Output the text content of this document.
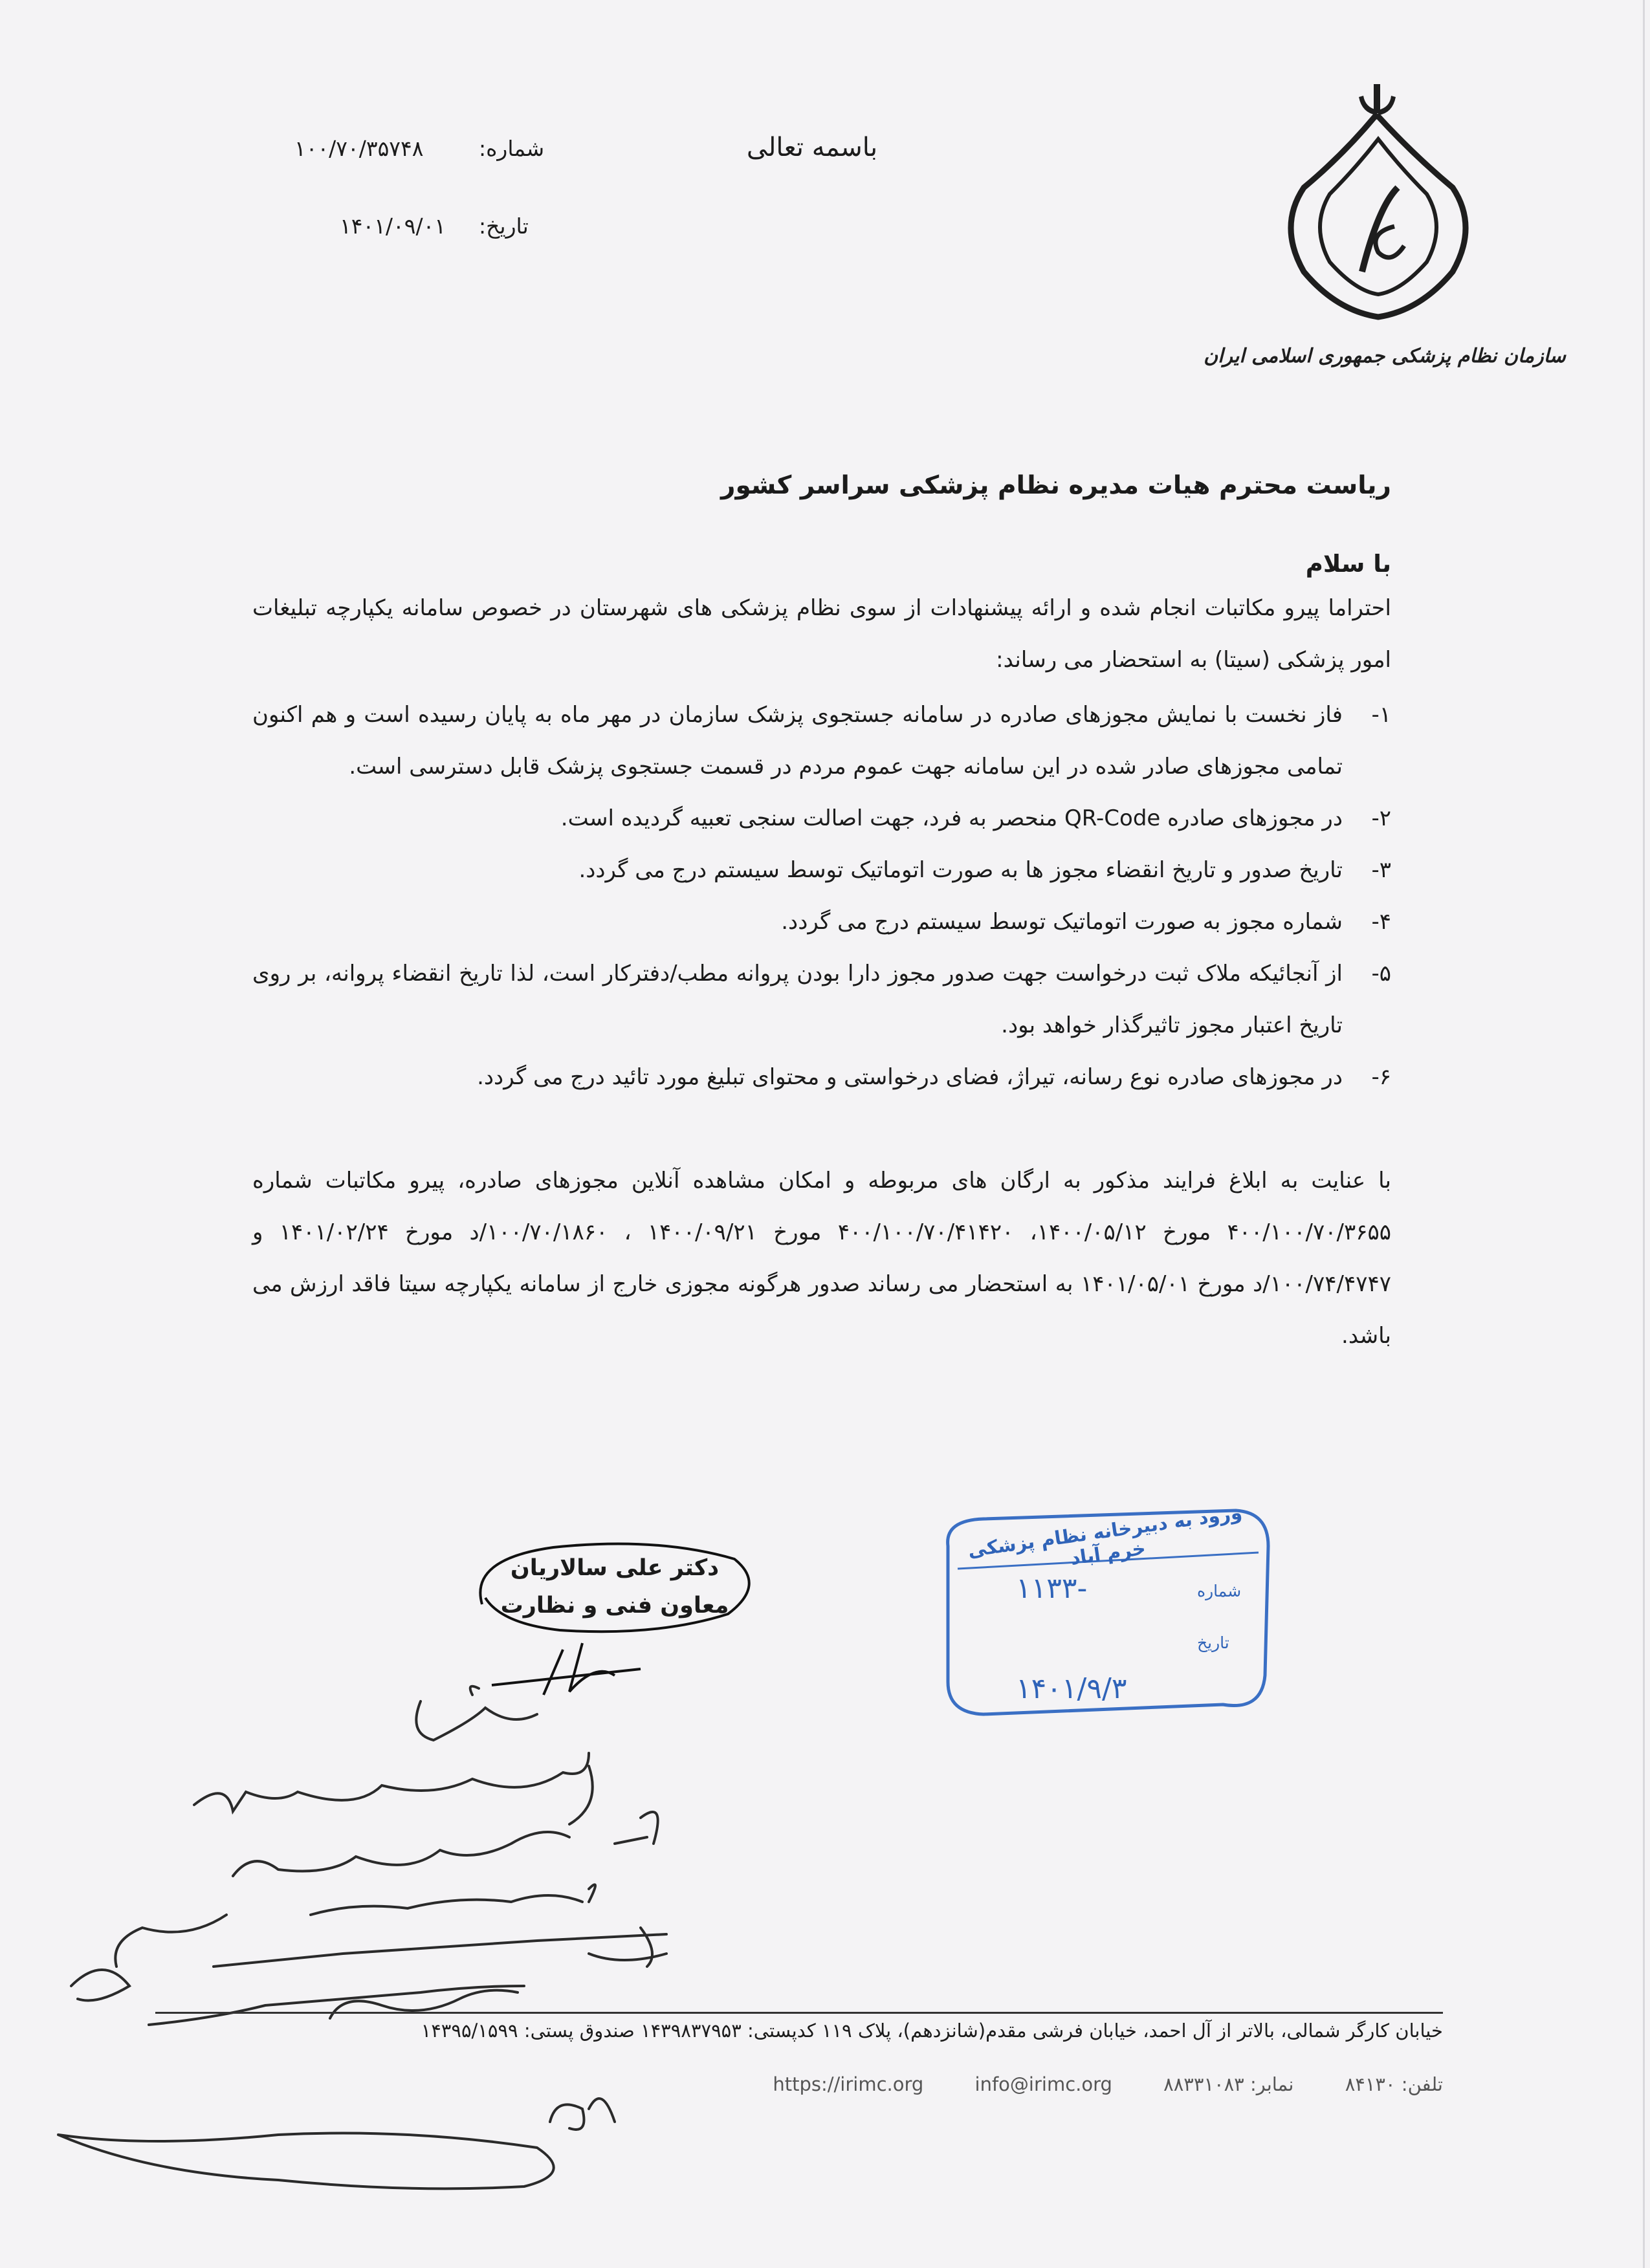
سازمان نظام پزشکی جمهوری اسلامی ایران
باسمه تعالی
شماره:
۱۰۰/۷۰/۳۵۷۴۸
تاریخ:
۱۴۰۱/۰۹/۰۱
ریاست محترم هیات مدیره نظام پزشکی سراسر کشور
با سلام
احتراما پیرو مکاتبات انجام شده و ارائه پیشنهادات از سوی نظام پزشکی های شهرستان در خصوص سامانه یکپارچه تبلیغات امور پزشکی (سیتا) به استحضار می رساند:
۱-
فاز نخست با نمایش مجوزهای صادره در سامانه جستجوی پزشک سازمان در مهر ماه به پایان رسیده است و هم اکنون تمامی مجوزهای صادر شده در این سامانه جهت عموم مردم در قسمت جستجوی پزشک قابل دسترسی است.
۲-
در مجوزهای صادره QR-Code منحصر به فرد، جهت اصالت سنجی تعبیه گردیده است.
۳-
تاریخ صدور و تاریخ انقضاء مجوز ها به صورت اتوماتیک توسط سیستم درج می گردد.
۴-
شماره مجوز به صورت اتوماتیک توسط سیستم درج می گردد.
۵-
از آنجائیکه ملاک ثبت درخواست جهت صدور مجوز دارا بودن پروانه مطب/دفترکار است، لذا تاریخ انقضاء پروانه، بر روی تاریخ اعتبار مجوز تاثیرگذار خواهد بود.
۶-
در مجوزهای صادره نوع رسانه، تیراژ، فضای درخواستی و محتوای تبلیغ مورد تائید درج می گردد.
با عنایت به ابلاغ فرایند مذکور به ارگان های مربوطه و امکان مشاهده آنلاین مجوزهای صادره، پیرو مکاتبات شماره ۴۰۰/۱۰۰/۷۰/۳۶۵۵ مورخ ۱۴۰۰/۰۵/۱۲، ۴۰۰/۱۰۰/۷۰/۴۱۴۲۰ مورخ ۱۴۰۰/۰۹/۲۱ ، ۱۰۰/۷۰/۱۸۶۰/د مورخ ۱۴۰۱/۰۲/۲۴ و ۱۰۰/۷۴/۴۷۴۷/د مورخ ۱۴۰۱/۰۵/۰۱ به استحضار می رساند صدور هرگونه مجوزی خارج از سامانه یکپارچه سیتا فاقد ارزش می باشد.
دکتر علی سالاریان
معاون فنی و نظارت
ورود به دبیرخانه نظام پزشکی خرم آباد
شماره
۱۱۳۳-
تاریخ
۱۴۰۱/۹/۳
خیابان کارگر شمالی، بالاتر از آل احمد، خیابان فرشی مقدم(شانزدهم)، پلاک ۱۱۹ کدپستی: ۱۴۳۹۸۳۷۹۵۳ صندوق پستی: ۱۴۳۹۵/۱۵۹۹
تلفن: ۸۴۱۳۰ نمابر: ۸۸۳۳۱۰۸۳ https://irimc.org	info@irimc.org
